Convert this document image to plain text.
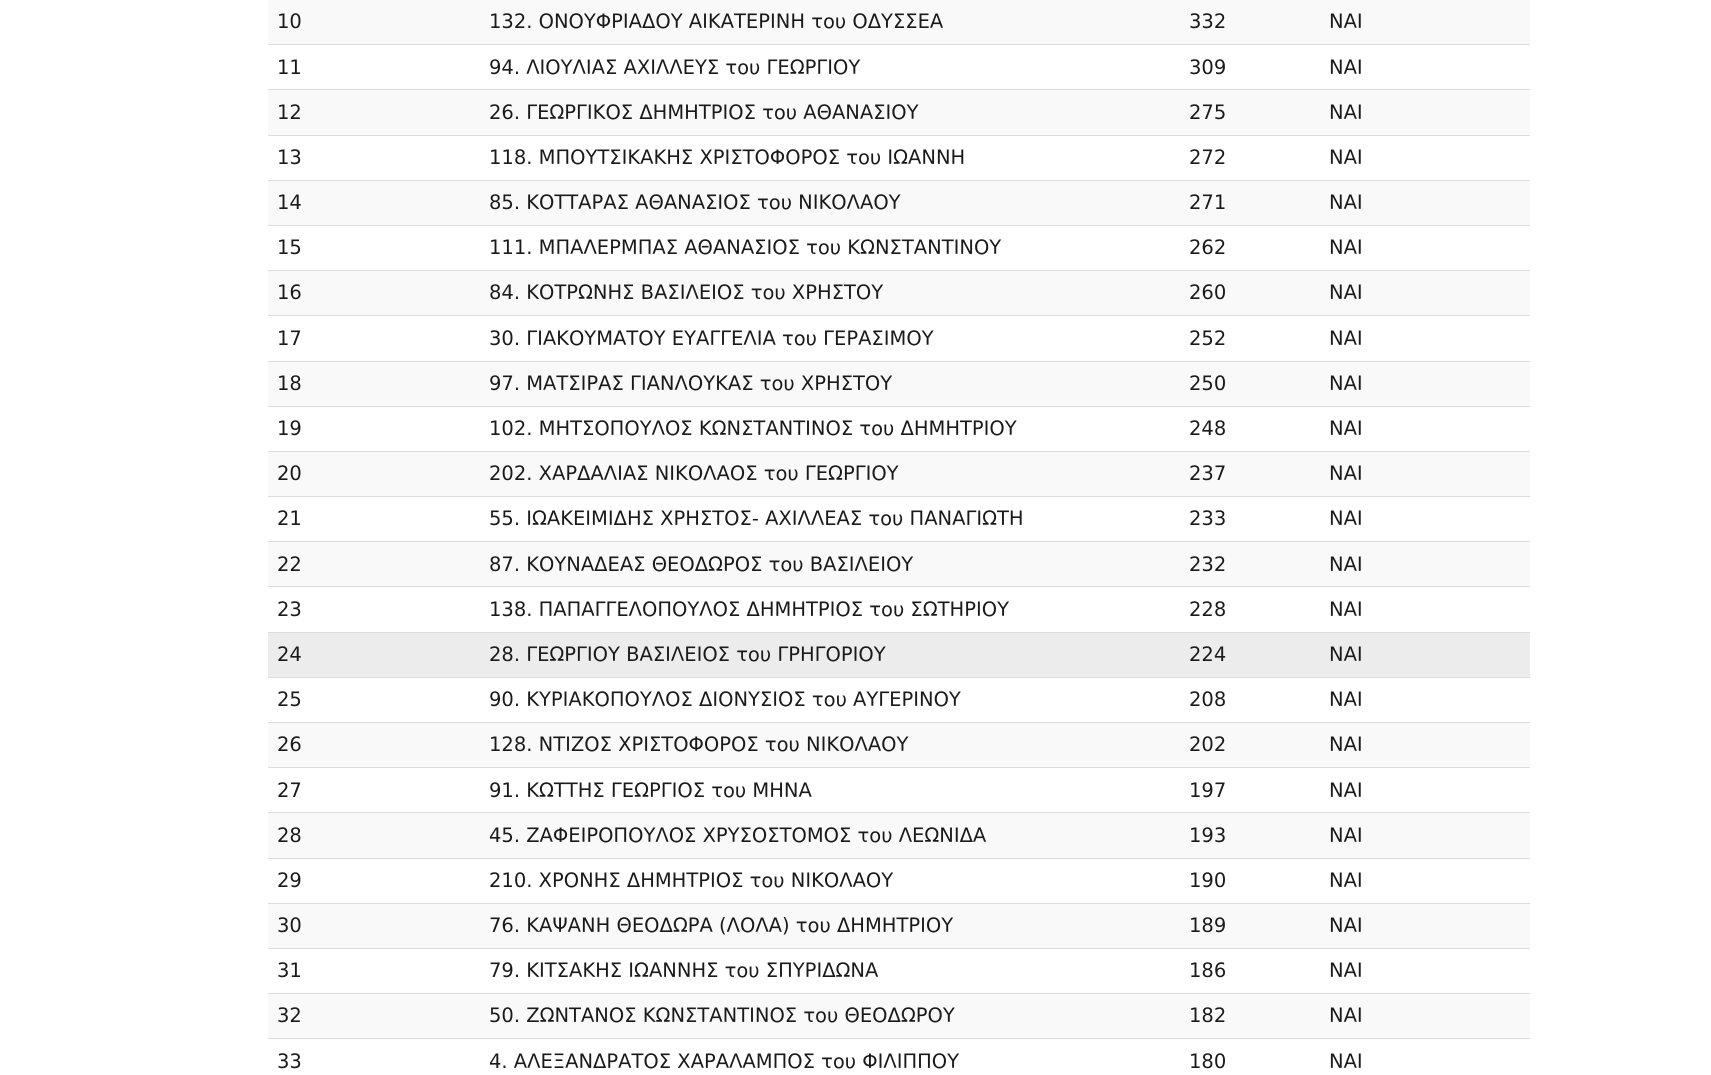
10	132. ΟΝΟΥΦΡΙΑΔΟΥ ΑΙΚΑΤΕΡΙΝΗ του ΟΔΥΣΣΕΑ	332	ΝΑΙ
11	94. ΛΙΟΥΛΙΑΣ ΑΧΙΛΛΕΥΣ του ΓΕΩΡΓΙΟΥ	309	ΝΑΙ
12	26. ΓΕΩΡΓΙΚΟΣ ΔΗΜΗΤΡΙΟΣ του ΑΘΑΝΑΣΙΟΥ	275	ΝΑΙ
13	118. ΜΠΟΥΤΣΙΚΑΚΗΣ ΧΡΙΣΤΟΦΟΡΟΣ του ΙΩΑΝΝΗ	272	ΝΑΙ
14	85. ΚΟΤΤΑΡΑΣ ΑΘΑΝΑΣΙΟΣ του ΝΙΚΟΛΑΟΥ	271	ΝΑΙ
15	111. ΜΠΑΛΕΡΜΠΑΣ ΑΘΑΝΑΣΙΟΣ του ΚΩΝΣΤΑΝΤΙΝΟΥ	262	ΝΑΙ
16	84. ΚΟΤΡΩΝΗΣ ΒΑΣΙΛΕΙΟΣ του ΧΡΗΣΤΟΥ	260	ΝΑΙ
17	30. ΓΙΑΚΟΥΜΑΤΟΥ ΕΥΑΓΓΕΛΙΑ του ΓΕΡΑΣΙΜΟΥ	252	ΝΑΙ
18	97. ΜΑΤΣΙΡΑΣ ΓΙΑΝΛΟΥΚΑΣ του ΧΡΗΣΤΟΥ	250	ΝΑΙ
19	102. ΜΗΤΣΟΠΟΥΛΟΣ ΚΩΝΣΤΑΝΤΙΝΟΣ του ΔΗΜΗΤΡΙΟΥ	248	ΝΑΙ
20	202. ΧΑΡΔΑΛΙΑΣ ΝΙΚΟΛΑΟΣ του ΓΕΩΡΓΙΟΥ	237	ΝΑΙ
21	55. ΙΩΑΚΕΙΜΙΔΗΣ ΧΡΗΣΤΟΣ- ΑΧΙΛΛΕΑΣ του ΠΑΝΑΓΙΩΤΗ	233	ΝΑΙ
22	87. ΚΟΥΝΑΔΕΑΣ ΘΕΟΔΩΡΟΣ του ΒΑΣΙΛΕΙΟΥ	232	ΝΑΙ
23	138. ΠΑΠΑΓΓΕΛΟΠΟΥΛΟΣ ΔΗΜΗΤΡΙΟΣ του ΣΩΤΗΡΙΟΥ	228	ΝΑΙ
24	28. ΓΕΩΡΓΙΟΥ ΒΑΣΙΛΕΙΟΣ του ΓΡΗΓΟΡΙΟΥ	224	ΝΑΙ
25	90. ΚΥΡΙΑΚΟΠΟΥΛΟΣ ΔΙΟΝΥΣΙΟΣ του ΑΥΓΕΡΙΝΟΥ	208	ΝΑΙ
26	128. ΝΤΙΖΟΣ ΧΡΙΣΤΟΦΟΡΟΣ του ΝΙΚΟΛΑΟΥ	202	ΝΑΙ
27	91. ΚΩΤΤΗΣ ΓΕΩΡΓΙΟΣ του ΜΗΝΑ	197	ΝΑΙ
28	45. ΖΑΦΕΙΡΟΠΟΥΛΟΣ ΧΡΥΣΟΣΤΟΜΟΣ του ΛΕΩΝΙΔΑ	193	ΝΑΙ
29	210. ΧΡΟΝΗΣ ΔΗΜΗΤΡΙΟΣ του ΝΙΚΟΛΑΟΥ	190	ΝΑΙ
30	76. ΚΑΨΑΝΗ ΘΕΟΔΩΡΑ (ΛΟΛΑ) του ΔΗΜΗΤΡΙΟΥ	189	ΝΑΙ
31	79. ΚΙΤΣΑΚΗΣ ΙΩΑΝΝΗΣ του ΣΠΥΡΙΔΩΝΑ	186	ΝΑΙ
32	50. ΖΩΝΤΑΝΟΣ ΚΩΝΣΤΑΝΤΙΝΟΣ του ΘΕΟΔΩΡΟΥ	182	ΝΑΙ
33	4. ΑΛΕΞΑΝΔΡΑΤΟΣ ΧΑΡΑΛΑΜΠΟΣ του ΦΙΛΙΠΠΟΥ	180	ΝΑΙ
